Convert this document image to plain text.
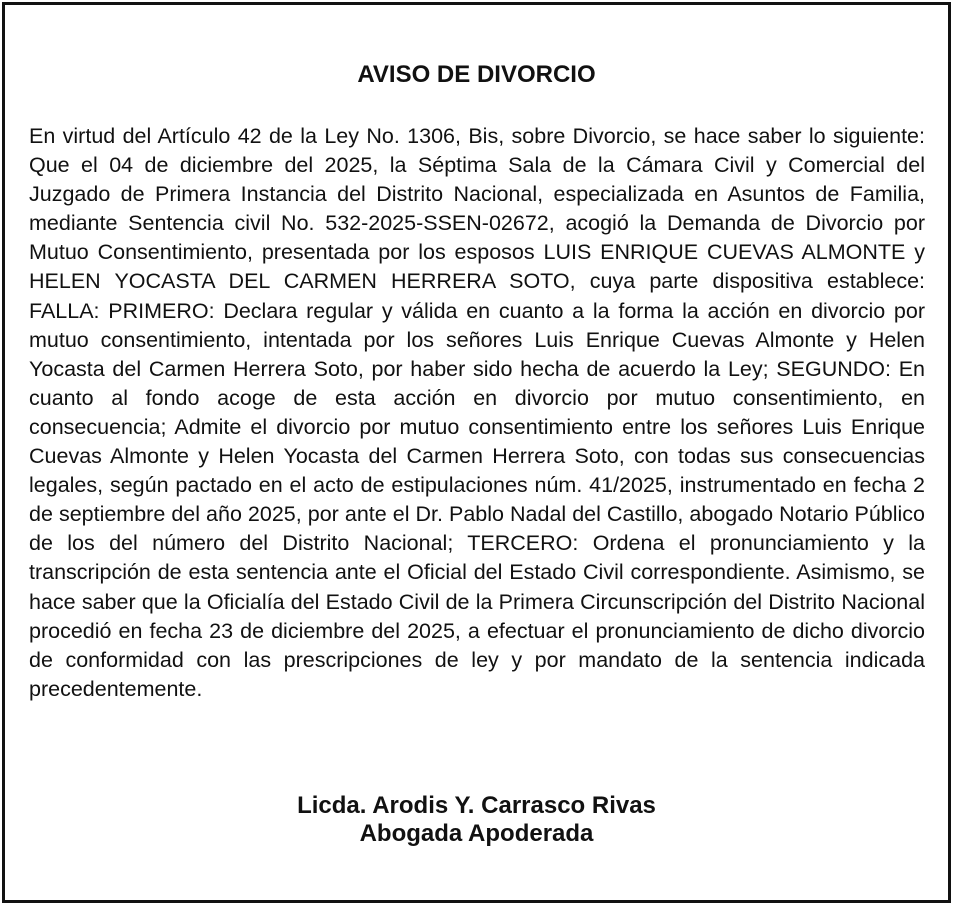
AVISO DE DIVORCIO

En virtud del Artículo 42 de la Ley No. 1306, Bis, sobre Divorcio, se hace saber lo siguiente: Que el 04 de diciembre del 2025, la Séptima Sala de la Cámara Civil y Comercial del Juzgado de Primera Instancia del Distrito Nacional, especializada en Asuntos de Familia, mediante Sentencia civil No. 532-2025-SSEN-02672, acogió la Demanda de Divorcio por Mutuo Consentimiento, presentada por los esposos LUIS ENRIQUE CUEVAS ALMONTE y HELEN YOCASTA DEL CARMEN HERRERA SOTO, cuya parte dispositiva establece: FALLA: PRIMERO: Declara regular y válida en cuanto a la forma la acción en divorcio por mutuo consentimiento, intentada por los señores Luis Enrique Cuevas Almonte y Helen Yocasta del Carmen Herrera Soto, por haber sido hecha de acuerdo la Ley; SEGUNDO: En cuanto al fondo acoge de esta acción en divorcio por mutuo consentimiento, en consecuencia; Admite el divorcio por mutuo consentimiento entre los señores Luis Enrique Cuevas Almonte y Helen Yocasta del Carmen Herrera Soto, con todas sus consecuencias legales, según pactado en el acto de estipulaciones núm. 41/2025, instrumentado en fecha 2 de septiembre del año 2025, por ante el Dr. Pablo Nadal del Castillo, abogado Notario Público de los del número del Distrito Nacional; TERCERO: Ordena el pronunciamiento y la transcripción de esta sentencia ante el Oficial del Estado Civil correspondiente. Asimismo, se hace saber que la Oficialía del Estado Civil de la Primera Circunscripción del Distrito Nacional procedió en fecha 23 de diciembre del 2025, a efectuar el pronunciamiento de dicho divorcio de conformidad con las prescripciones de ley y por mandato de la sentencia indicada precedentemente.

Licda. Arodis Y. Carrasco Rivas
Abogada Apoderada
